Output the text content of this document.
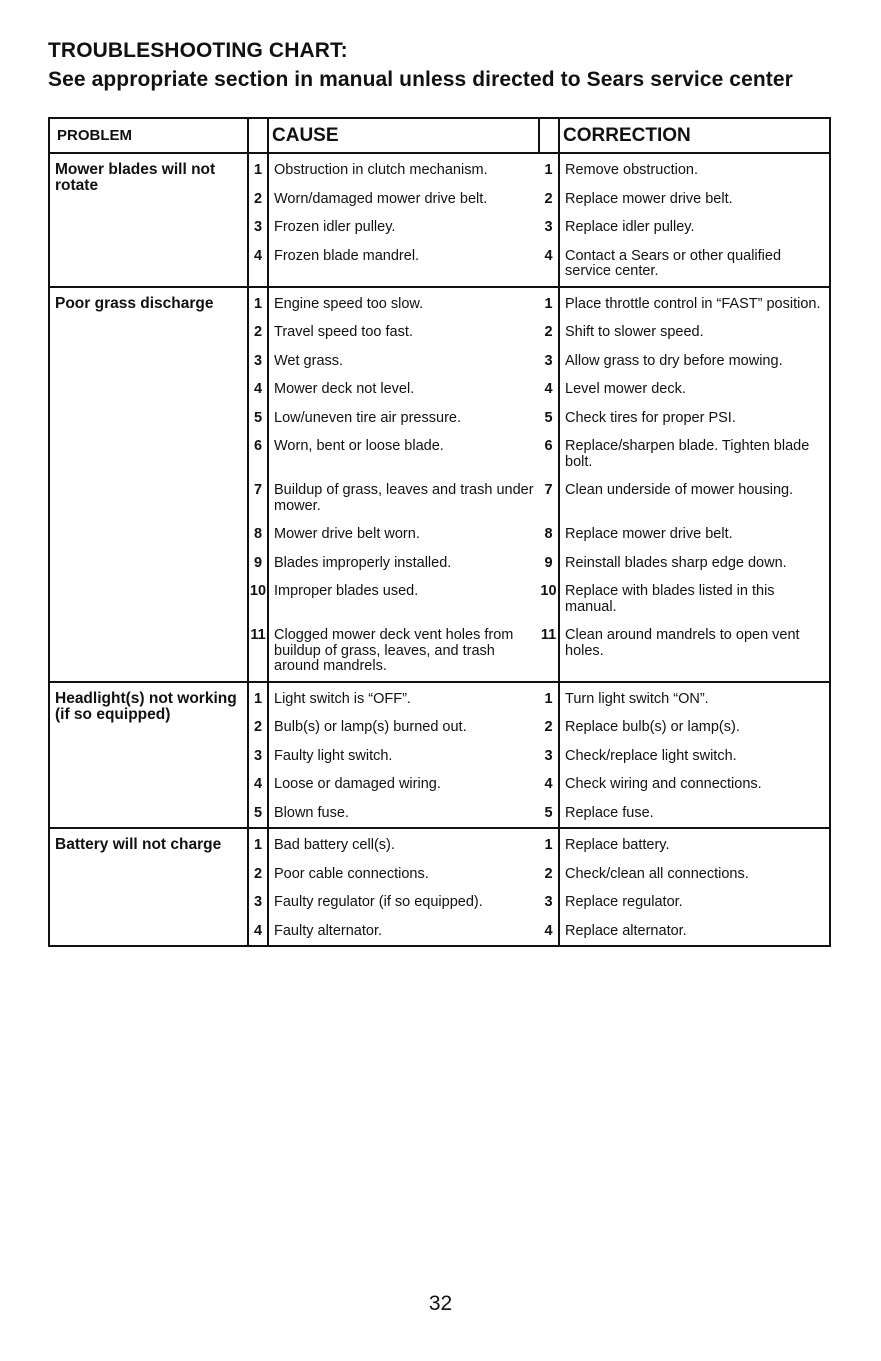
TROUBLESHOOTING CHART:
See appropriate section in manual unless directed to Sears service center
PROBLEM		CAUSE		CORRECTION
Mower blades will not rotate	1	Obstruction in clutch mechanism.	1	Remove obstruction.
	2	Worn/damaged mower drive belt.	2	Replace mower drive belt.
	3	Frozen idler pulley.	3	Replace idler pulley.
	4	Frozen blade mandrel.	4	Contact a Sears or other qualified service center.
Poor grass discharge	1	Engine speed too slow.	1	Place throttle control in “FAST” position.
	2	Travel speed too fast.	2	Shift to slower speed.
	3	Wet grass.	3	Allow grass to dry before mowing.
	4	Mower deck not level.	4	Level mower deck.
	5	Low/uneven tire air pressure.	5	Check tires for proper PSI.
	6	Worn, bent or loose blade.	6	Replace/sharpen blade. Tighten blade bolt.
	7	Buildup of grass, leaves and trash under mower.	7	Clean underside of mower housing.
	8	Mower drive belt worn.	8	Replace mower drive belt.
	9	Blades improperly installed.	9	Reinstall blades sharp edge down.
	10	Improper blades used.	10	Replace with blades listed in this manual.
	11	Clogged mower deck vent holes from buildup of grass, leaves, and trash around mandrels.	11	Clean around mandrels to open vent holes.
Headlight(s) not working (if so equipped)	1	Light switch is “OFF”.	1	Turn light switch “ON”.
	2	Bulb(s) or lamp(s) burned out.	2	Replace bulb(s) or lamp(s).
	3	Faulty light switch.	3	Check/replace light switch.
	4	Loose or damaged wiring.	4	Check wiring and connections.
	5	Blown fuse.	5	Replace fuse.
Battery will not charge	1	Bad battery cell(s).	1	Replace battery.
	2	Poor cable connections.	2	Check/clean all connections.
	3	Faulty regulator (if so equipped).	3	Replace regulator.
	4	Faulty alternator.	4	Replace alternator.
32
